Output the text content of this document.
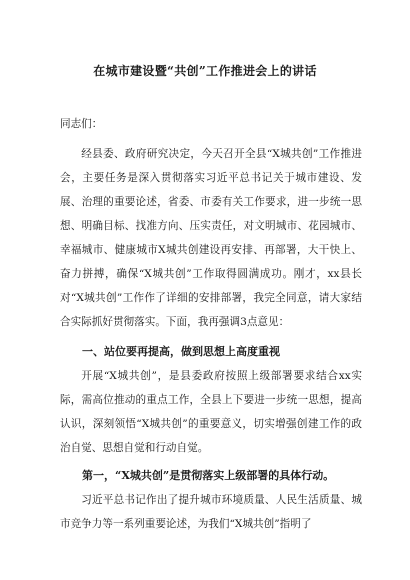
在城市建设暨“共创”工作推进会上的讲话

同志们：

经县委、政府研究决定，今天召开全县“X城共创”工作推进会，主要任务是深入贯彻落实习近平总书记关于城市建设、发展、治理的重要论述，省委、市委有关工作要求，进一步统一思想、明确目标、找准方向、压实责任，对文明城市、花园城市、幸福城市、健康城市X城共创建设再安排、再部署，大干快上、奋力拼搏，确保“X城共创”工作取得圆满成功。刚才，xx县长对“X城共创”工作作了详细的安排部署，我完全同意，请大家结合实际抓好贯彻落实。下面，我再强调3点意见：

一、站位要再提高，做到思想上高度重视

开展“X城共创”，是县委政府按照上级部署要求结合xx实际，需高位推动的重点工作，全县上下要进一步统一思想，提高认识，深刻领悟“X城共创”的重要意义，切实增强创建工作的政治自觉、思想自觉和行动自觉。

第一，“X城共创”是贯彻落实上级部署的具体行动。

习近平总书记作出了提升城市环境质量、人民生活质量、城市竞争力等一系列重要论述，为我们“X城共创”指明了
